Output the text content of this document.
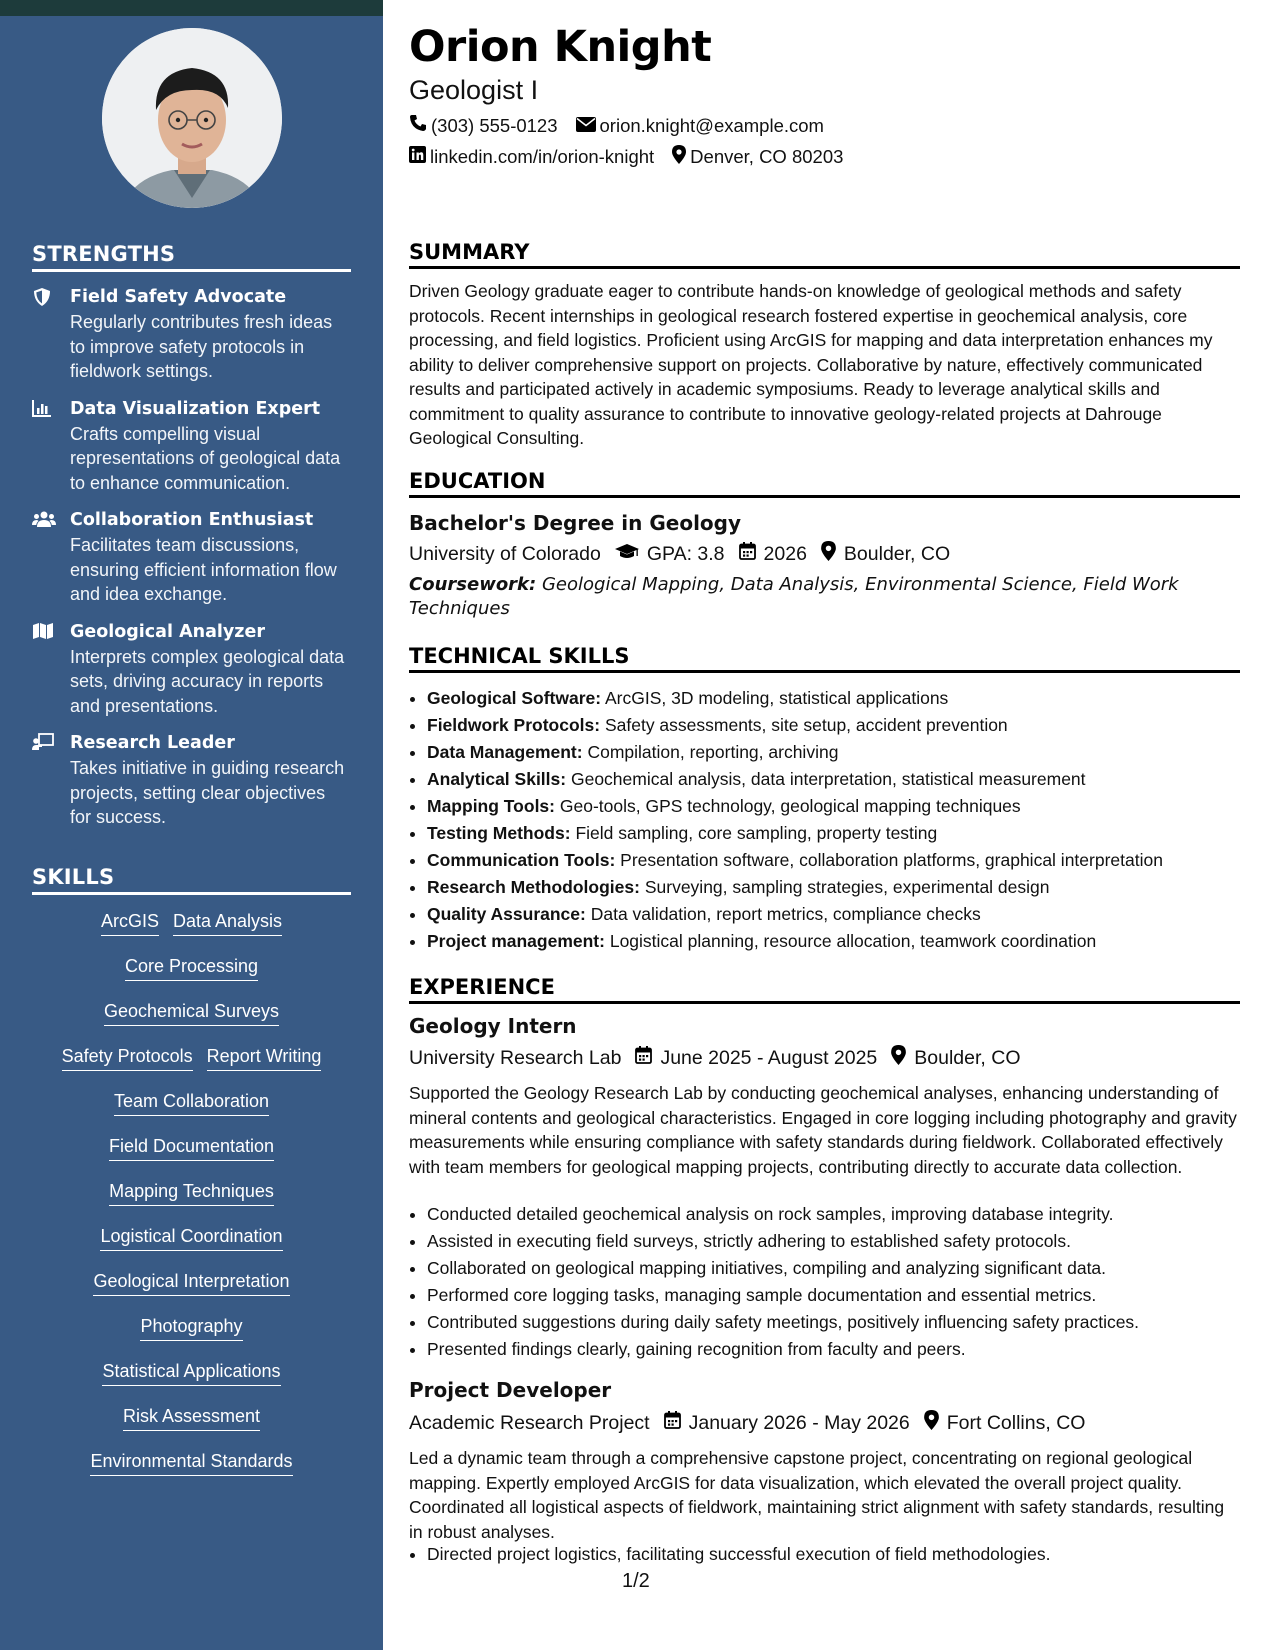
STRENGTHS
Field Safety Advocate
Regularly contributes fresh ideas to improve safety protocols in fieldwork settings.
Data Visualization Expert
Crafts compelling visual representations of geological data to enhance communication.
Collaboration Enthusiast
Facilitates team discussions, ensuring efficient information flow and idea exchange.
Geological Analyzer
Interprets complex geological data sets, driving accuracy in reports and presentations.
Research Leader
Takes initiative in guiding research projects, setting clear objectives for success.
SKILLS
ArcGIS Data Analysis
Core Processing
Geochemical Surveys
Safety Protocols Report Writing
Team Collaboration
Field Documentation
Mapping Techniques
Logistical Coordination
Geological Interpretation
Photography
Statistical Applications
Risk Assessment
Environmental Standards
Orion Knight
Geologist I
(303) 555-0123 orion.knight@example.com
linkedin.com/in/orion-knight Denver, CO 80203
SUMMARY
Driven Geology graduate eager to contribute hands-on knowledge of geological methods and safety protocols. Recent internships in geological research fostered expertise in geochemical analysis, core processing, and field logistics. Proficient using ArcGIS for mapping and data interpretation enhances my ability to deliver comprehensive support on projects. Collaborative by nature, effectively communicated results and participated actively in academic symposiums. Ready to leverage analytical skills and commitment to quality assurance to contribute to innovative geology-related projects at Dahrouge Geological Consulting.
EDUCATION
Bachelor's Degree in Geology
University of Colorado GPA: 3.8 2026 Boulder, CO
Coursework: Geological Mapping, Data Analysis, Environmental Science, Field Work Techniques
TECHNICAL SKILLS
• Geological Software: ArcGIS, 3D modeling, statistical applications
• Fieldwork Protocols: Safety assessments, site setup, accident prevention
• Data Management: Compilation, reporting, archiving
• Analytical Skills: Geochemical analysis, data interpretation, statistical measurement
• Mapping Tools: Geo-tools, GPS technology, geological mapping techniques
• Testing Methods: Field sampling, core sampling, property testing
• Communication Tools: Presentation software, collaboration platforms, graphical interpretation
• Research Methodologies: Surveying, sampling strategies, experimental design
• Quality Assurance: Data validation, report metrics, compliance checks
• Project management: Logistical planning, resource allocation, teamwork coordination
EXPERIENCE
Geology Intern
University Research Lab June 2025 - August 2025 Boulder, CO
Supported the Geology Research Lab by conducting geochemical analyses, enhancing understanding of mineral contents and geological characteristics. Engaged in core logging including photography and gravity measurements while ensuring compliance with safety standards during fieldwork. Collaborated effectively with team members for geological mapping projects, contributing directly to accurate data collection.
• Conducted detailed geochemical analysis on rock samples, improving database integrity.
• Assisted in executing field surveys, strictly adhering to established safety protocols.
• Collaborated on geological mapping initiatives, compiling and analyzing significant data.
• Performed core logging tasks, managing sample documentation and essential metrics.
• Contributed suggestions during daily safety meetings, positively influencing safety practices.
• Presented findings clearly, gaining recognition from faculty and peers.
Project Developer
Academic Research Project January 2026 - May 2026 Fort Collins, CO
Led a dynamic team through a comprehensive capstone project, concentrating on regional geological mapping. Expertly employed ArcGIS for data visualization, which elevated the overall project quality. Coordinated all logistical aspects of fieldwork, maintaining strict alignment with safety standards, resulting in robust analyses.
• Directed project logistics, facilitating successful execution of field methodologies.
1/2
